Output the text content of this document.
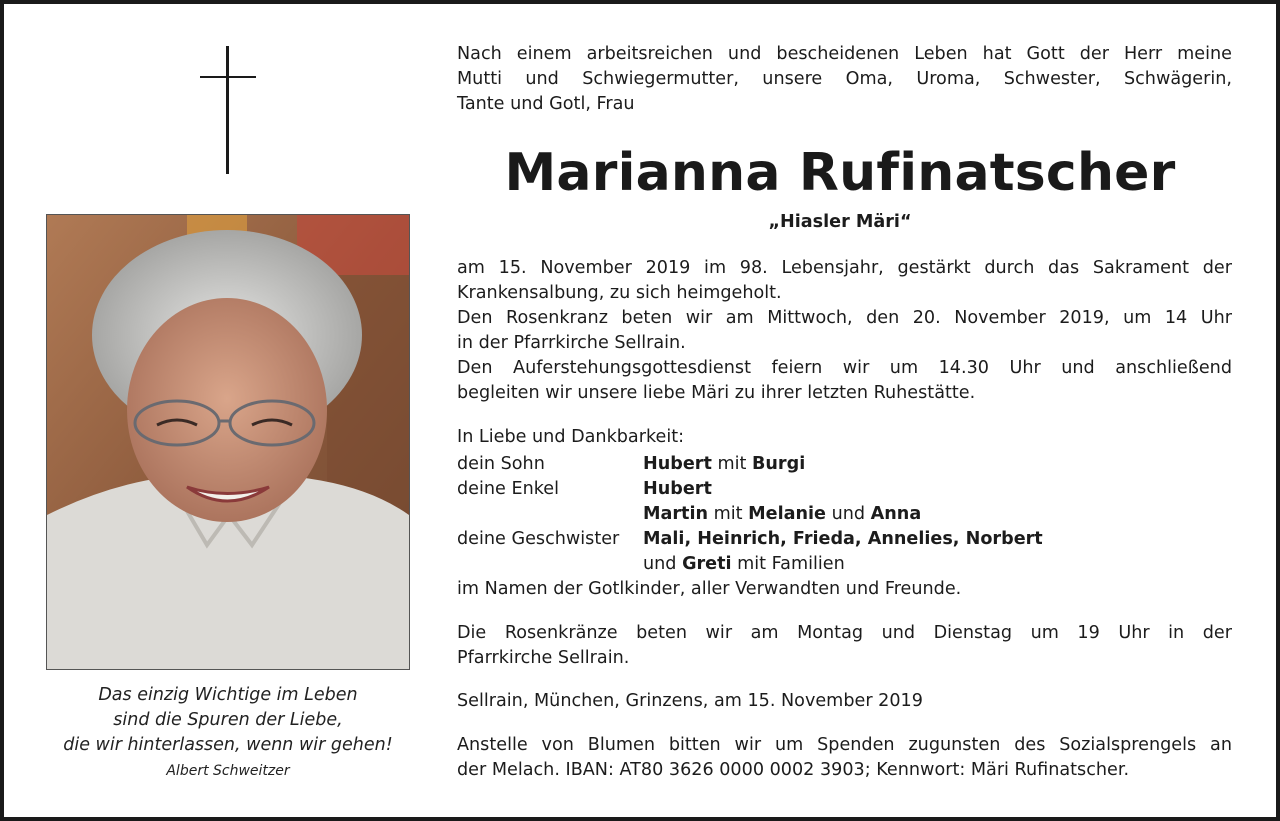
Das einzig Wichtige im Leben
sind die Spuren der Liebe,
die wir hinterlassen, wenn wir gehen!
Albert Schweitzer
Nach einem arbeitsreichen und bescheidenen Leben hat Gott der Herr meine
Mutti und Schwiegermutter, unsere Oma, Uroma, Schwester, Schwägerin,
Tante und Gotl, Frau
Marianna Rufinatscher
„Hiasler Märi“
am 15. November 2019 im 98. Lebensjahr, gestärkt durch das Sakrament der
Krankensalbung, zu sich heimgeholt.
Den Rosenkranz beten wir am Mittwoch, den 20. November 2019, um 14 Uhr
in der Pfarrkirche Sellrain.
Den Auferstehungsgottesdienst feiern wir um 14.30 Uhr und anschließend
begleiten wir unsere liebe Märi zu ihrer letzten Ruhestätte.
In Liebe und Dankbarkeit:
dein Sohn	Hubert mit Burgi
deine Enkel	Hubert
Martin mit Melanie und Anna
deine Geschwister Mali, Heinrich, Frieda, Annelies, Norbert
und Greti mit Familien
im Namen der Gotlkinder, aller Verwandten und Freunde.
Die Rosenkränze beten wir am Montag und Dienstag um 19 Uhr in der
Pfarrkirche Sellrain.
Sellrain, München, Grinzens, am 15. November 2019
Anstelle von Blumen bitten wir um Spenden zugunsten des Sozialsprengels an
der Melach. IBAN: AT80 3626 0000 0002 3903; Kennwort: Märi Rufinatscher.
